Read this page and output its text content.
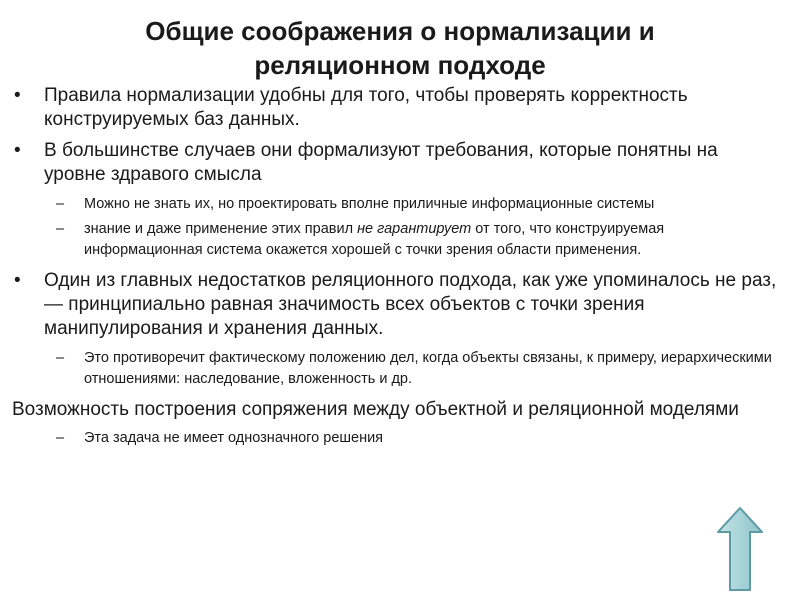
Общие соображения о нормализации и
реляционном подходе
• Правила нормализации удобны для того, чтобы проверять корректность конструируемых баз данных.
• В большинстве случаев они формализуют требования, которые понятны на уровне здравого смысла
– Можно не знать их, но проектировать вполне приличные информационные системы
– знание и даже применение этих правил не гарантирует от того, что конструируемая информационная система окажется хорошей с точки зрения области применения.
• Один из главных недостатков реляционного подхода, как уже упоминалось не раз, — принципиально равная значимость всех объектов с точки зрения манипулирования и хранения данных.
– Это противоречит фактическому положению дел, когда объекты связаны, к примеру, иерархическими отношениями: наследование, вложенность и др.
Возможность построения сопряжения между объектной и реляционной моделями
– Эта задача не имеет однозначного решения
